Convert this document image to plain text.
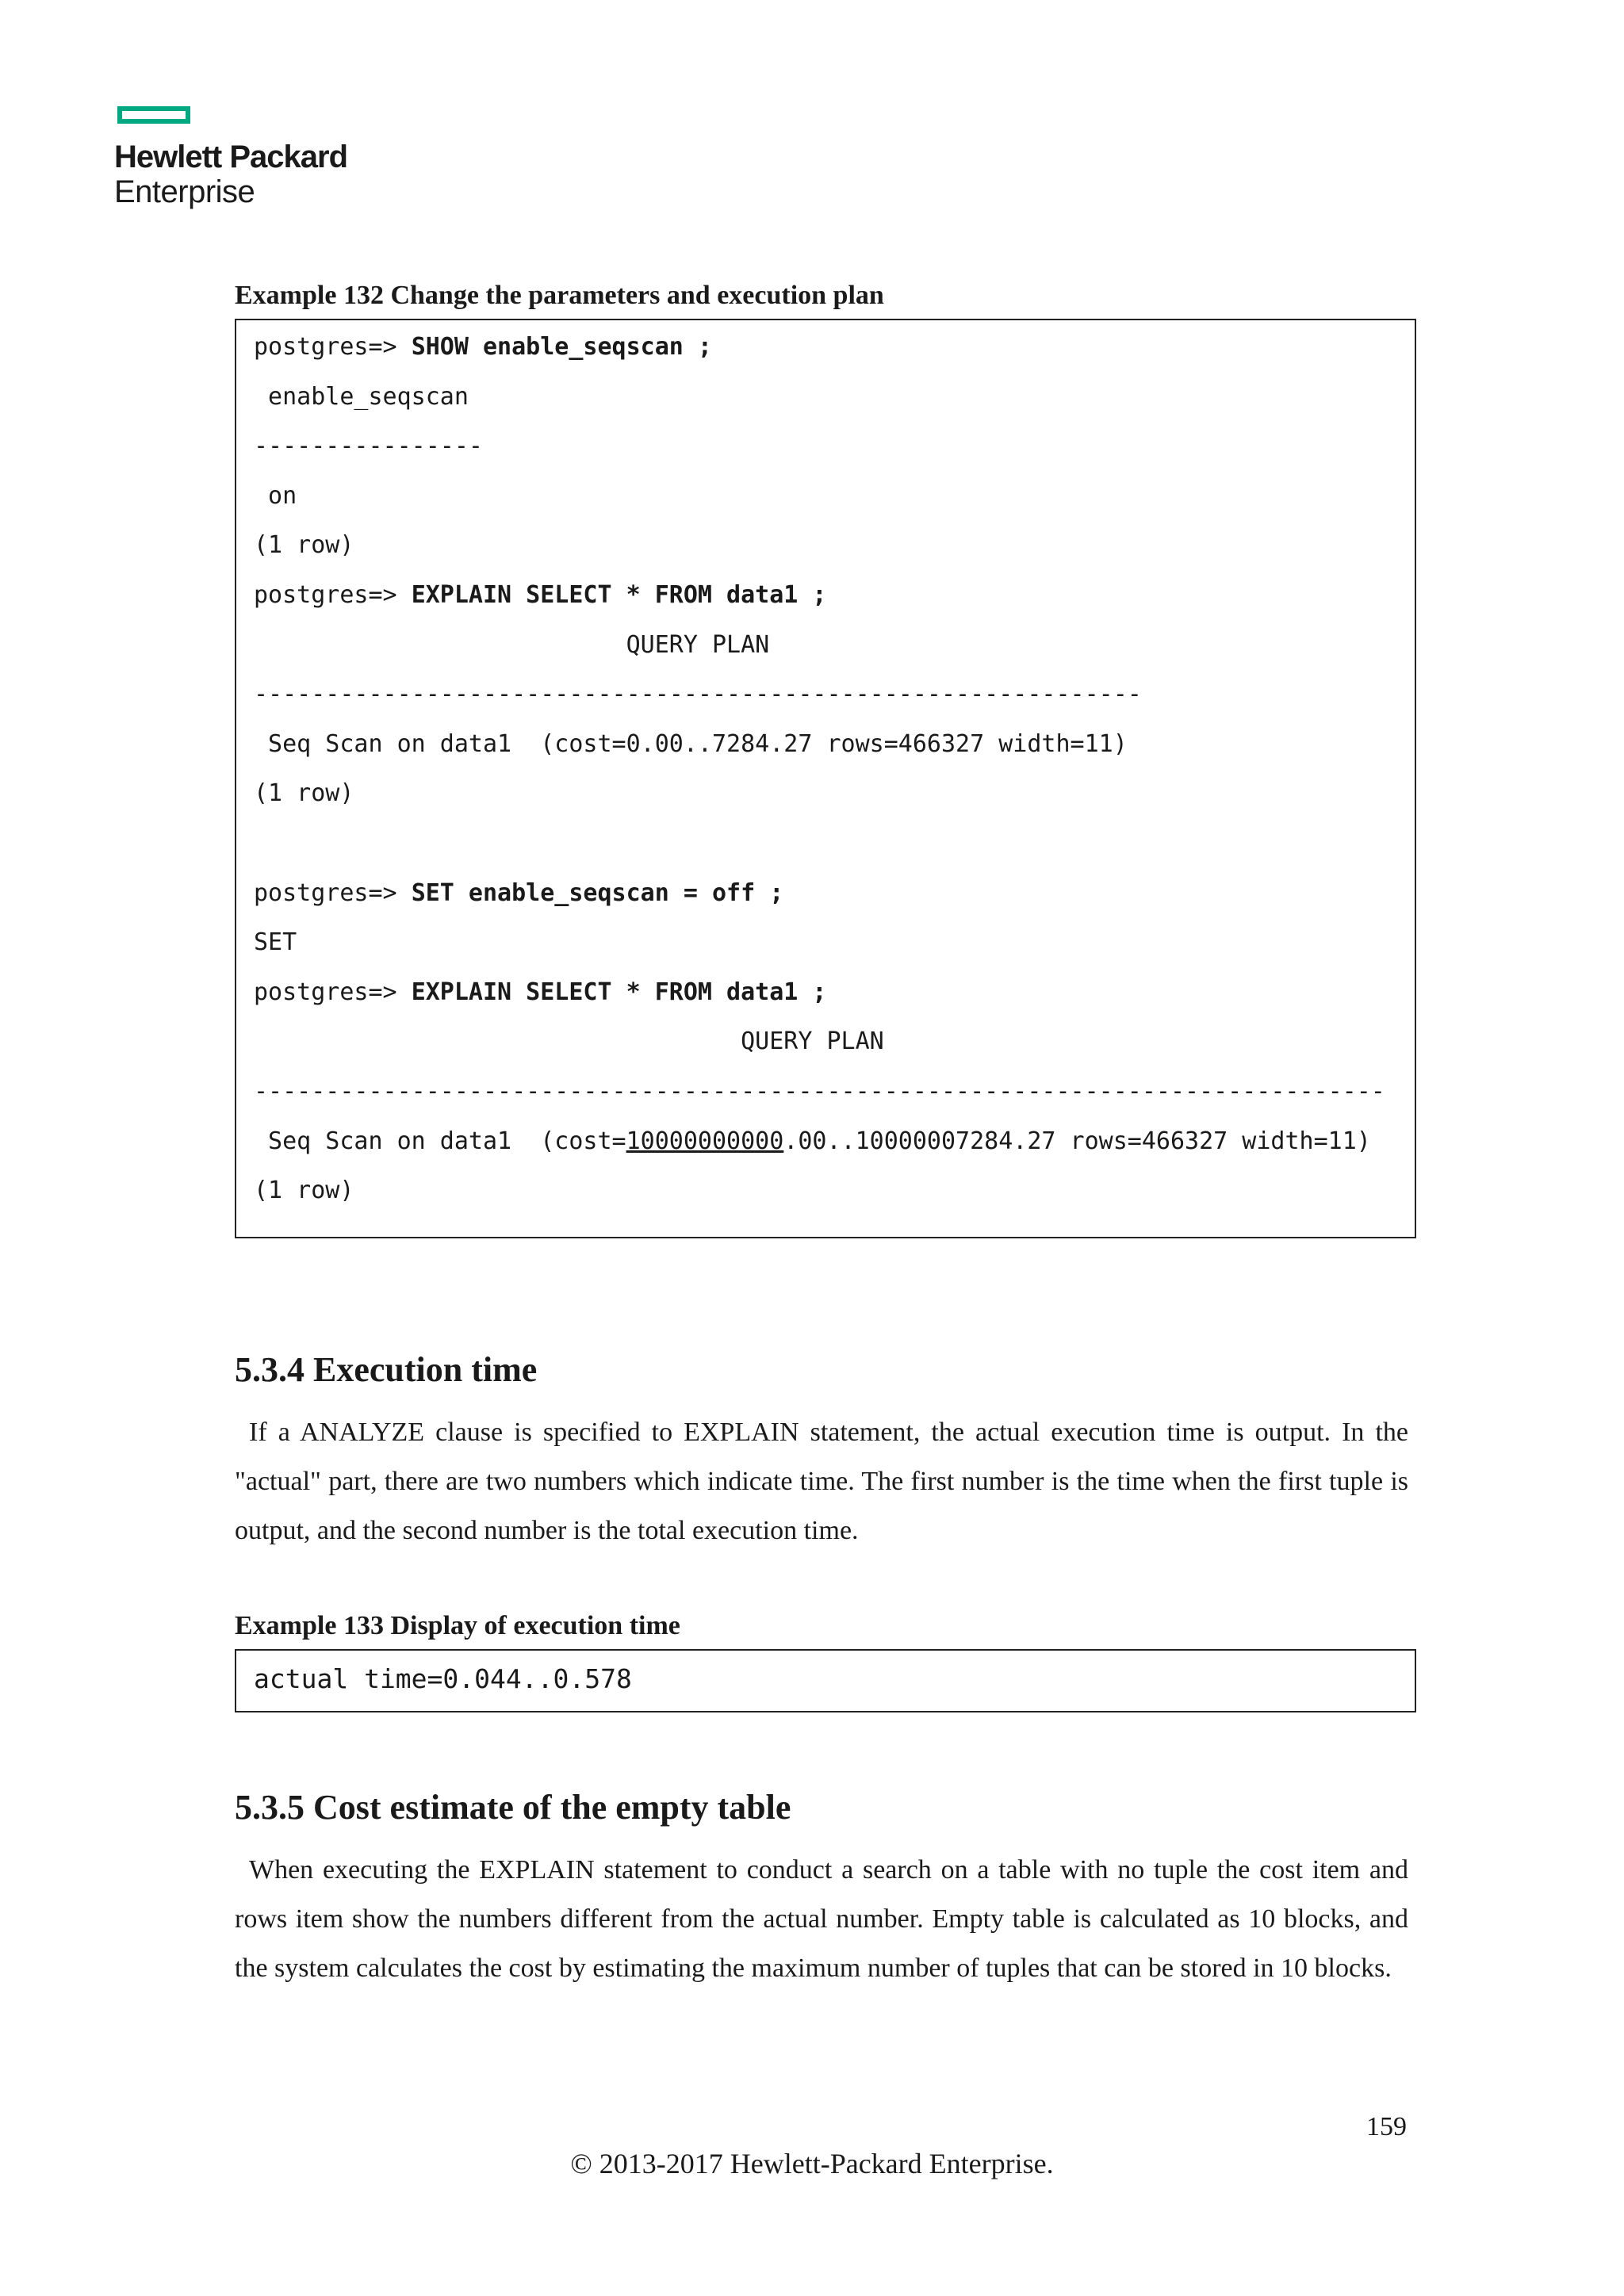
Hewlett Packard
Enterprise
Example 132 Change the parameters and execution plan
postgres=> SHOW enable_seqscan ;
enable_seqscan
----------------
on
(1 row)
postgres=> EXPLAIN SELECT * FROM data1 ;
QUERY PLAN
--------------------------------------------------------------
Seq Scan on data1  (cost=0.00..7284.27 rows=466327 width=11)
(1 row)
postgres=> SET enable_seqscan = off ;
SET
postgres=> EXPLAIN SELECT * FROM data1 ;
QUERY PLAN
-------------------------------------------------------------------------------
Seq Scan on data1  (cost=10000000000.00..10000007284.27 rows=466327 width=11)
(1 row)
5.3.4 Execution time

If a ANALYZE clause is specified to EXPLAIN statement, the actual execution time is output. In the "actual" part, there are two numbers which indicate time. The first number is the time when the first tuple is output, and the second number is the total execution time.

Example 133 Display of execution time
actual time=0.044..0.578
5.3.5 Cost estimate of the empty table

When executing the EXPLAIN statement to conduct a search on a table with no tuple the cost item and rows item show the numbers different from the actual number. Empty table is calculated as 10 blocks, and the system calculates the cost by estimating the maximum number of tuples that can be stored in 10 blocks.

159
© 2013-2017 Hewlett-Packard Enterprise.
